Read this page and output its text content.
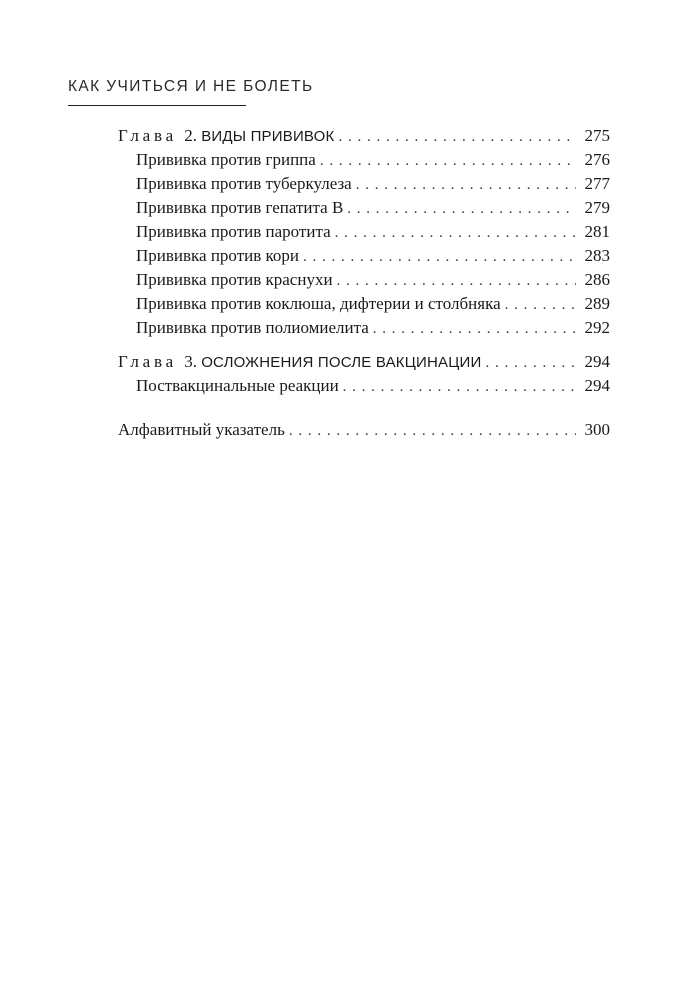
КАК УЧИТЬСЯ И НЕ БОЛЕТЬ
Глава 2. ВИДЫ ПРИВИВОК . . .	275
Прививка против гриппа . . .	276
Прививка против туберкулеза . . .	277
Прививка против гепатита В . . .	279
Прививка против паротита . . .	281
Прививка против кори . . .	283
Прививка против краснухи . . .	286
Прививка против коклюша, дифтерии и столбняка . . .	289
Прививка против полиомиелита . . .	292
Глава 3. ОСЛОЖНЕНИЯ ПОСЛЕ ВАКЦИНАЦИИ . . .	294
Поствакцинальные реакции . . .	294
Алфавитный указатель . . .	300
